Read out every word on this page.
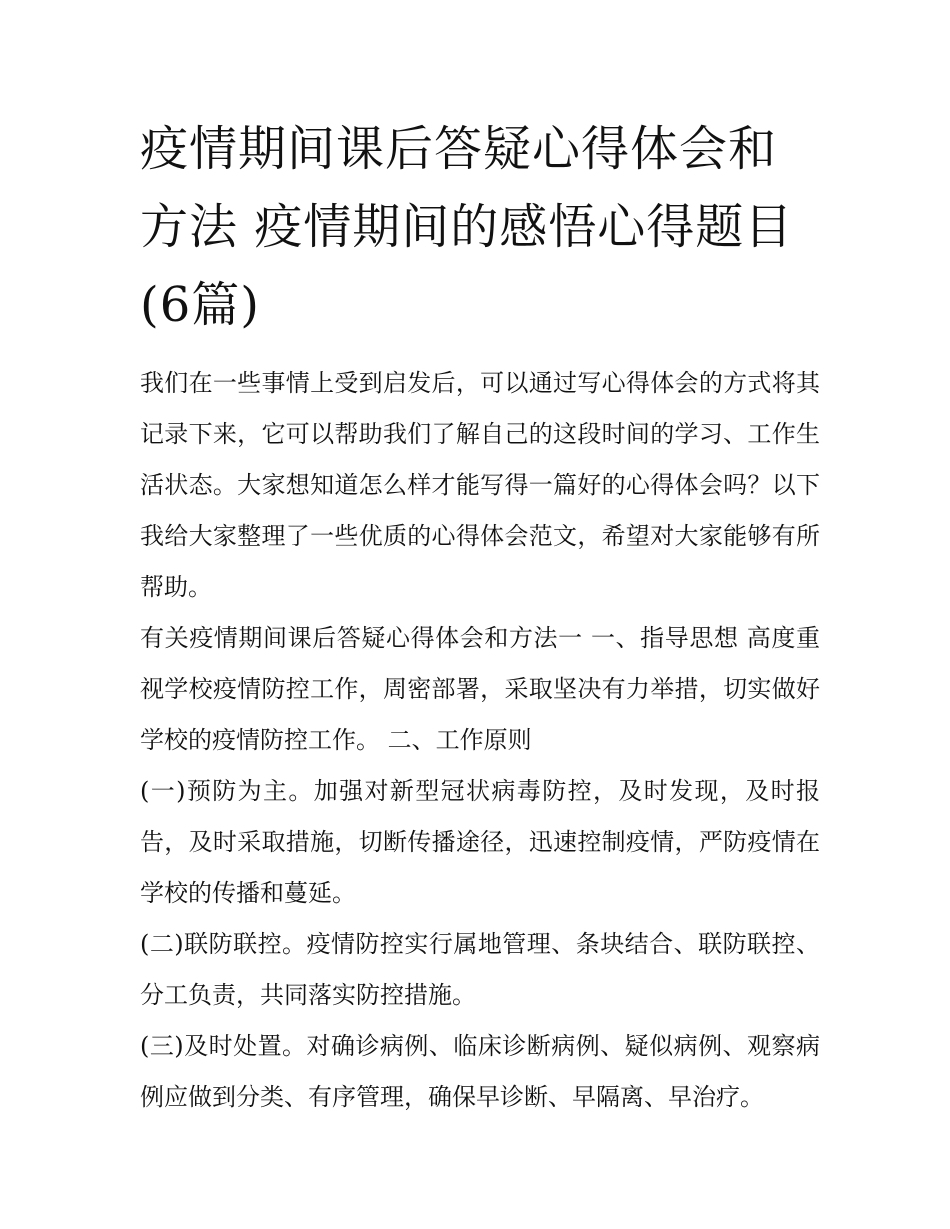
疫情期间课后答疑心得体会和方法 疫情期间的感悟心得题目(6篇)

我们在一些事情上受到启发后，可以通过写心得体会的方式将其记录下来，它可以帮助我们了解自己的这段时间的学习、工作生活状态。大家想知道怎么样才能写得一篇好的心得体会吗？以下我给大家整理了一些优质的心得体会范文，希望对大家能够有所帮助。

有关疫情期间课后答疑心得体会和方法一 一、指导思想 高度重视学校疫情防控工作，周密部署，采取坚决有力举措，切实做好学校的疫情防控工作。 二、工作原则

(一)预防为主。加强对新型冠状病毒防控，及时发现，及时报告，及时采取措施，切断传播途径，迅速控制疫情，严防疫情在学校的传播和蔓延。

(二)联防联控。疫情防控实行属地管理、条块结合、联防联控、分工负责，共同落实防控措施。

(三)及时处置。对确诊病例、临床诊断病例、疑似病例、观察病例应做到分类、有序管理，确保早诊断、早隔离、早治疗。
